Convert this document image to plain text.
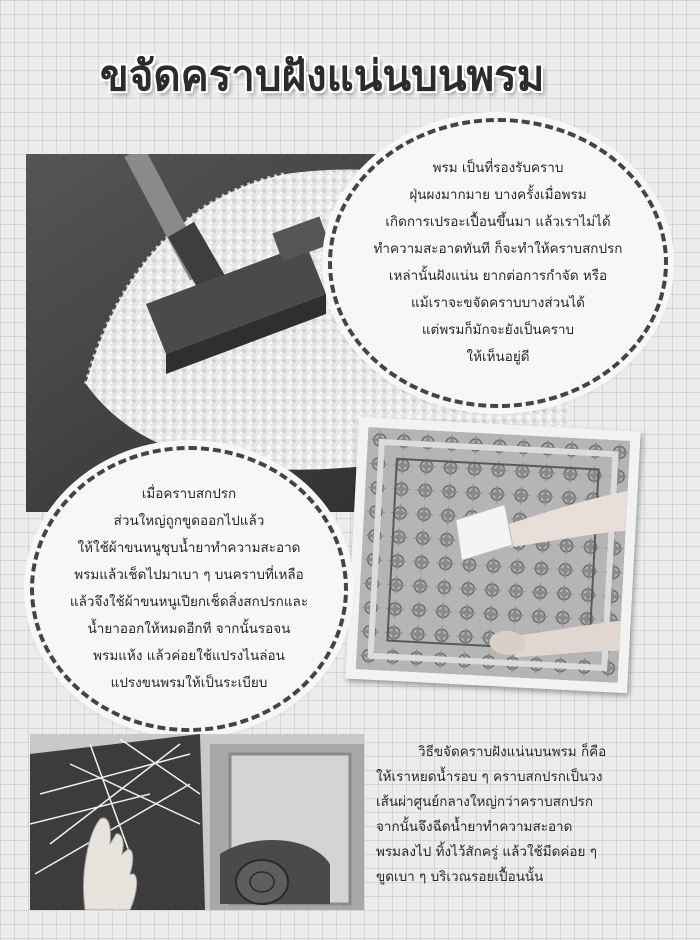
ขจัดคราบฝังแน่นบนพรม

พรม เป็นที่รองรับคราบ

ฝุ่นผงมากมาย บางครั้งเมื่อพรม

เกิดการเปรอะเปื้อนขึ้นมา แล้วเราไม่ได้

ทำความสะอาดทันที ก็จะทำให้คราบสกปรก

เหล่านั้นฝังแน่น ยากต่อการกำจัด หรือ

แม้เราจะขจัดคราบบางส่วนได้

แต่พรมก็มักจะยังเป็นคราบ

ให้เห็นอยู่ดี

เมื่อคราบสกปรก

ส่วนใหญ่ถูกขูดออกไปแล้ว

ให้ใช้ผ้าขนหนูชุบน้ำยาทำความสะอาด

พรมแล้วเช็ดไปมาเบา ๆ บนคราบที่เหลือ

แล้วจึงใช้ผ้าขนหนูเปียกเช็ดสิ่งสกปรกและ

น้ำยาออกให้หมดอีกที จากนั้นรอจน

พรมแห้ง แล้วค่อยใช้แปรงไนล่อน

แปรงขนพรมให้เป็นระเบียบ

วิธีขจัดคราบฝังแน่นบนพรม ก็คือ
ให้เราหยดน้ำรอบ ๆ คราบสกปรกเป็นวง
เส้นผ่าศูนย์กลางใหญ่กว่าคราบสกปรก
จากนั้นจึงฉีดน้ำยาทำความสะอาด
พรมลงไป ทิ้งไว้สักครู่ แล้วใช้มีดค่อย ๆ
ขูดเบา ๆ บริเวณรอยเปื้อนนั้น
